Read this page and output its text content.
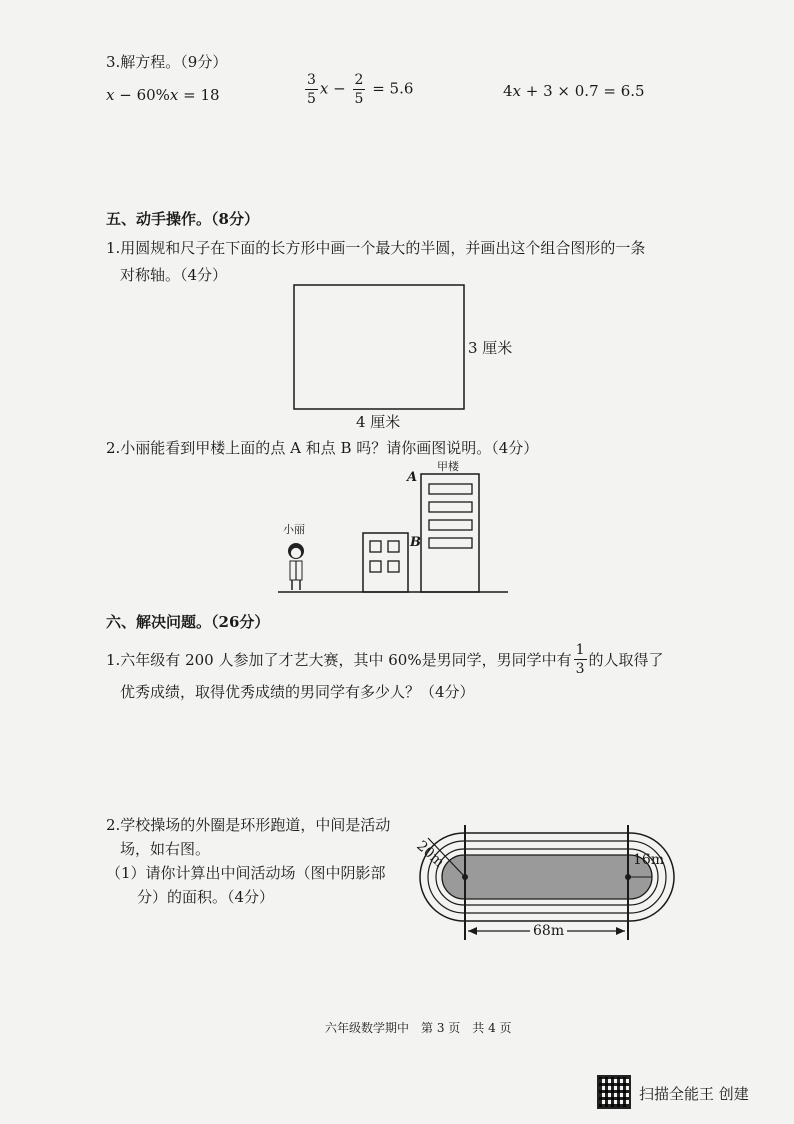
3.解方程。（9分）
x − 60%x = 18	$\frac{3}{5}$ $x - \frac{2}{5} = 5.6$	4x + 3 × 0.7 = 6.5
五、动手操作。（8分）
1.用圆规和尺子在下面的长方形中画一个最大的半圆，并画出这个组合图形的一条
对称轴。（4分）
3 厘米
4 厘米
2.小丽能看到甲楼上面的点 A 和点 B 吗？请你画图说明。（4分）
甲楼
A
B
小丽
六、解决问题。（26分）
1.六年级有 200 人参加了才艺大赛，其中 60%是男同学，男同学中有 $\frac{1}{3}$ 的人取得了
优秀成绩，取得优秀成绩的男同学有多少人？（4分）
2.学校操场的外圈是环形跑道，中间是活动
场，如右图。
（1）请你计算出中间活动场（图中阴影部
分）的面积。（4分）
20m	16m
68m
六年级数学期中　第 3 页　共 4 页
扫描全能王 创建
